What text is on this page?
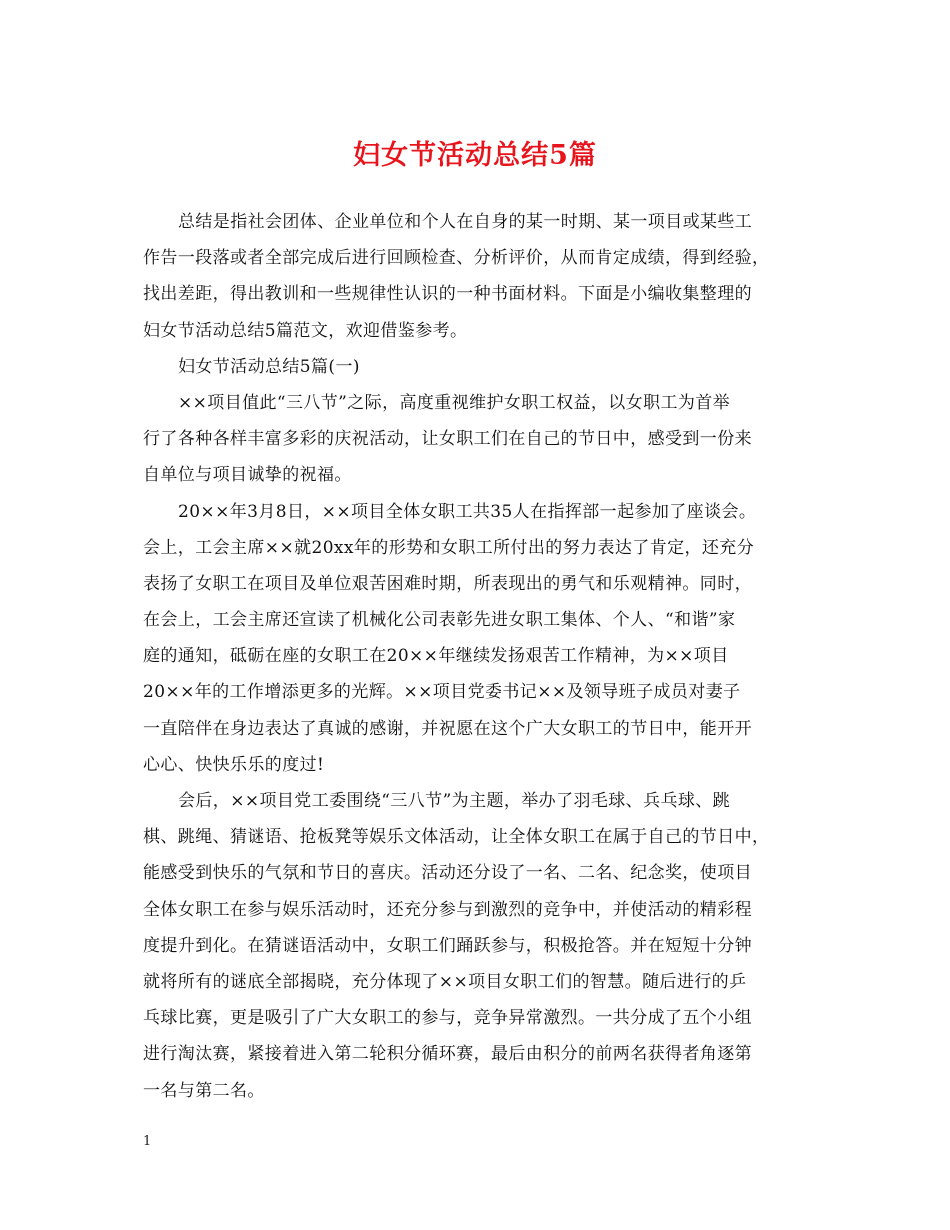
妇女节活动总结5篇
总结是指社会团体、企业单位和个人在自身的某一时期、某一项目或某些工
作告一段落或者全部完成后进行回顾检查、分析评价，从而肯定成绩，得到经验，
找出差距，得出教训和一些规律性认识的一种书面材料。下面是小编收集整理的
妇女节活动总结5篇范文，欢迎借鉴参考。
妇女节活动总结5篇(一)
××项目值此“三八节”之际，高度重视维护女职工权益，以女职工为首举
行了各种各样丰富多彩的庆祝活动，让女职工们在自己的节日中，感受到一份来
自单位与项目诚挚的祝福。
20××年3月8日，××项目全体女职工共35人在指挥部一起参加了座谈会。
会上，工会主席××就20xx年的形势和女职工所付出的努力表达了肯定，还充分
表扬了女职工在项目及单位艰苦困难时期，所表现出的勇气和乐观精神。同时，
在会上，工会主席还宣读了机械化公司表彰先进女职工集体、个人、“和谐”家
庭的通知，砥砺在座的女职工在20××年继续发扬艰苦工作精神，为××项目
20××年的工作增添更多的光辉。××项目党委书记××及领导班子成员对妻子
一直陪伴在身边表达了真诚的感谢，并祝愿在这个广大女职工的节日中，能开开
心心、快快乐乐的度过!
会后，××项目党工委围绕“三八节”为主题，举办了羽毛球、兵乓球、跳
棋、跳绳、猜谜语、抢板凳等娱乐文体活动，让全体女职工在属于自己的节日中，
能感受到快乐的气氛和节日的喜庆。活动还分设了一名、二名、纪念奖，使项目
全体女职工在参与娱乐活动时，还充分参与到激烈的竞争中，并使活动的精彩程
度提升到化。在猜谜语活动中，女职工们踊跃参与，积极抢答。并在短短十分钟
就将所有的谜底全部揭晓，充分体现了××项目女职工们的智慧。随后进行的乒
乓球比赛，更是吸引了广大女职工的参与，竞争异常激烈。一共分成了五个小组
进行淘汰赛，紧接着进入第二轮积分循环赛，最后由积分的前两名获得者角逐第
一名与第二名。
1
